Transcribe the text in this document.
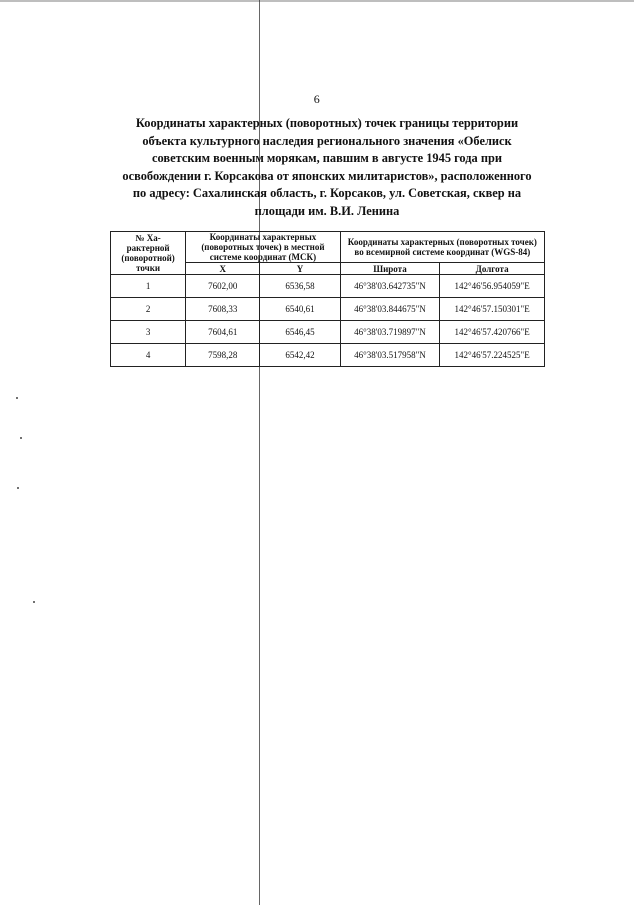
6
Координаты характерных (поворотных) точек границы территории
объекта культурного наследия регионального значения «Обелиск
советским военным морякам, павшим в августе 1945 года при
освобождении г. Корсакова от японских милитаристов», расположенного
по адресу: Сахалинская область, г. Корсаков, ул. Советская, сквер на
площади им. В.И. Ленина
№ Ха-
рактерной
(поворотной)
точки	Координаты характерных (поворотных точек) в местной системе координат (МСК)		Координаты характерных (поворотных точек) во всемирной системе координат (WGS-84)	
	X	Y	Широта	Долгота
1	7602,00	6536,58	46°38'03.642735"N	142°46'56.954059"E
2	7608,33	6540,61	46°38'03.844675"N	142°46'57.150301"E
3	7604,61	6546,45	46°38'03.719897"N	142°46'57.420766"E
4	7598,28	6542,42	46°38'03.517958"N	142°46'57.224525"E
